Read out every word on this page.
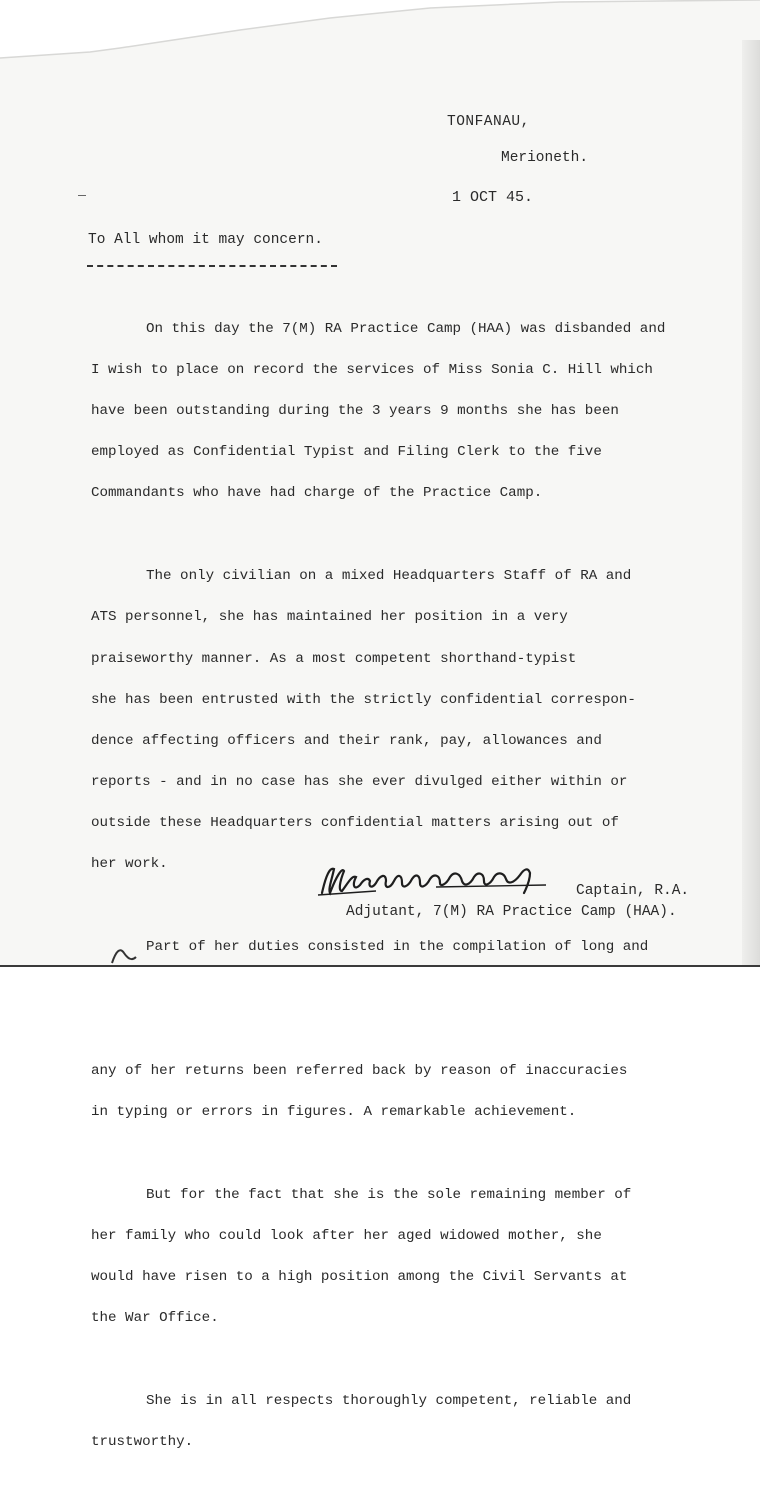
TONFANAU,
Merioneth.
1 OCT 45.
To All whom it may concern.

On this day the 7(M) RA Practice Camp (HAA) was disbanded and

I wish to place on record the services of Miss Sonia C. Hill which

have been outstanding during the 3 years 9 months she has been

employed as Confidential Typist and Filing Clerk to the five

Commandants who have had charge of the Practice Camp.

The only civilian on a mixed Headquarters Staff of RA and

ATS personnel, she has maintained her position in a very

praiseworthy manner. As a most competent shorthand-typist

she has been entrusted with the strictly confidential correspon-

dence affecting officers and their rank, pay, allowances and

reports - and in no case has she ever divulged either within or

outside these Headquarters confidential matters arising out of

her work.

Part of her duties consisted in the compilation of long and

any of her returns been referred back by reason of inaccuracies

in typing or errors in figures. A remarkable achievement.

But for the fact that she is the sole remaining member of

her family who could look after her aged widowed mother, she

would have risen to a high position among the Civil Servants at

the War Office.

She is in all respects thoroughly competent, reliable and

trustworthy.

Captain, R.A.
Adjutant, 7(M) RA Practice Camp (HAA).
